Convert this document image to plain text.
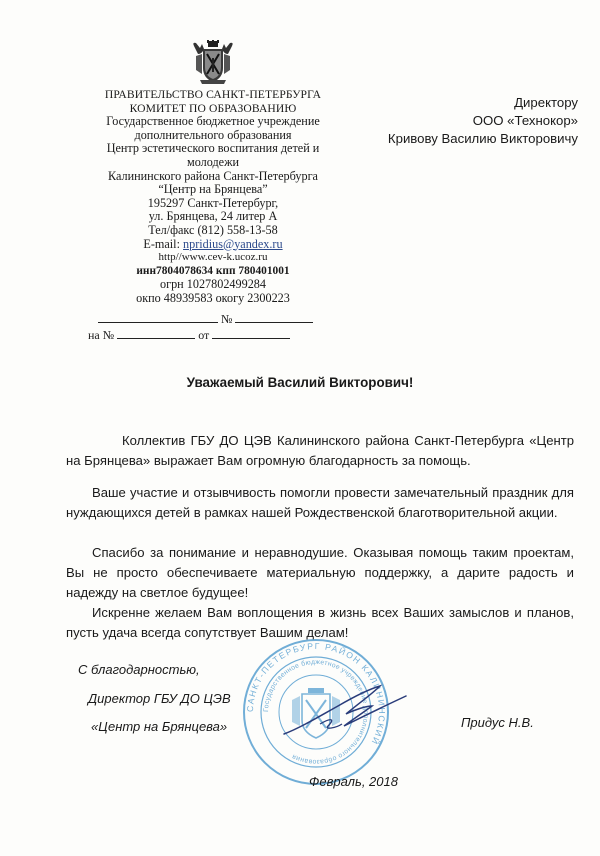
ПРАВИТЕЛЬСТВО САНКТ-ПЕТЕРБУРГА
КОМИТЕТ ПО ОБРАЗОВАНИЮ
Государственное бюджетное учреждение
дополнительного образования
Центр эстетического воспитания детей и
молодежи
Калининского района Санкт-Петербурга
“Центр на Брянцева”
195297 Санкт-Петербург,
ул. Брянцева, 24 литер А
Тел/факс (812) 558-13-58
E-mail: npridius@yandex.ru
http//www.cev-k.ucoz.ru
инн7804078634 кпп 780401001
огрн 1027802499284
окпо 48939583 окогу 2300223
№
на №	от
Директору
ООО «Технокор»
Кривову Василию Викторовичу
Уважаемый Василий Викторович!
Коллектив ГБУ ДО ЦЭВ Калининского района Санкт-Петербурга «Центр на Брянцева» выражает Вам огромную благодарность за помощь.
Ваше участие и отзывчивость помогли провести замечательный праздник для нуждающихся детей в рамках нашей Рождественской благотворительной акции.
Спасибо за понимание и неравнодушие. Оказывая помощь таким проектам, Вы не просто обеспечиваете материальную поддержку, а дарите радость и надежду на светлое будущее!
Искренне желаем Вам воплощения в жизнь всех Ваших замыслов и планов, пусть удача всегда сопутствует Вашим делам!
САНКТ-ПЕТЕРБУРГ РАЙОН КАЛИНИНСКИЙ
Государственное бюджетное учреждение дополнительного образования
С благодарностью,
Директор ГБУ ДО ЦЭВ
«Центр на Брянцева»	Придус Н.В.
Февраль, 2018
